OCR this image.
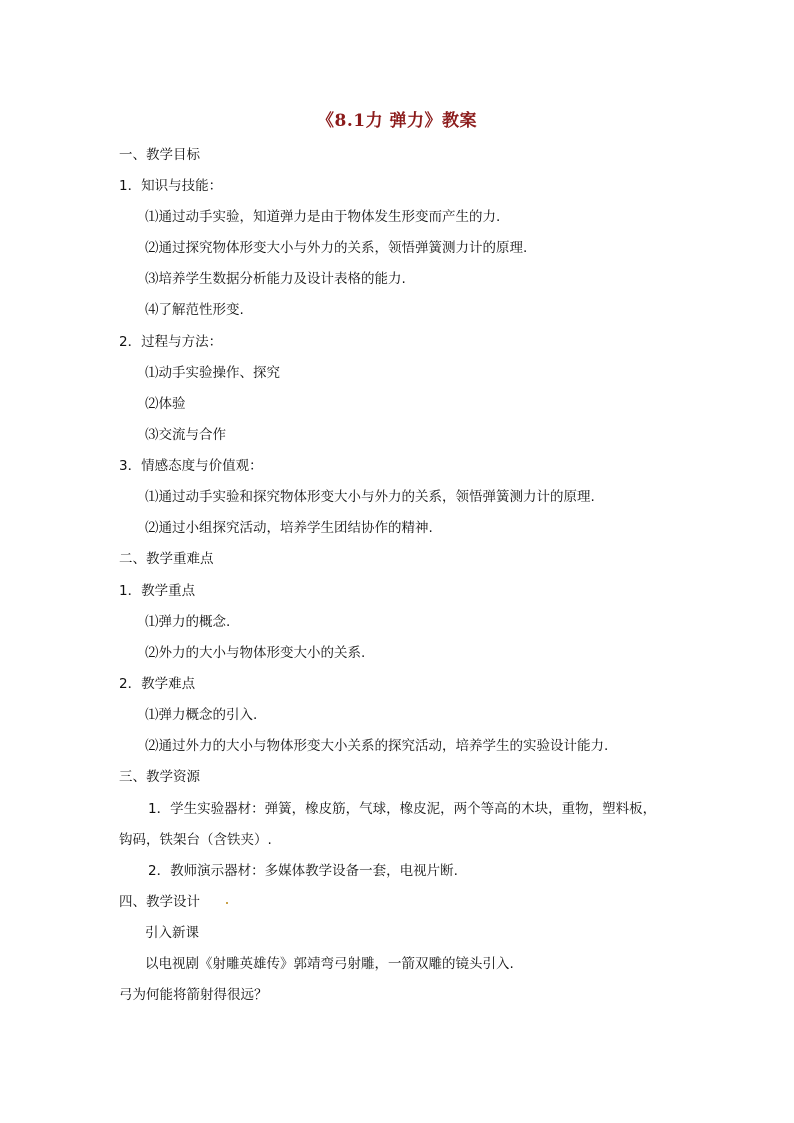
《8.1力 弹力》教案
一、教学目标
1．知识与技能：
⑴通过动手实验，知道弹力是由于物体发生形变而产生的力.
⑵通过探究物体形变大小与外力的关系，领悟弹簧测力计的原理.
⑶培养学生数据分析能力及设计表格的能力.
⑷了解范性形变.
2．过程与方法：
⑴动手实验操作、探究
⑵体验
⑶交流与合作
3．情感态度与价值观：
⑴通过动手实验和探究物体形变大小与外力的关系，领悟弹簧测力计的原理.
⑵通过小组探究活动，培养学生团结协作的精神.
二、教学重难点
1．教学重点
⑴弹力的概念.
⑵外力的大小与物体形变大小的关系.
2．教学难点
⑴弹力概念的引入.
⑵通过外力的大小与物体形变大小关系的探究活动，培养学生的实验设计能力.
三、教学资源
1．学生实验器材：弹簧，橡皮筋，气球，橡皮泥，两个等高的木块，重物，塑料板，
钩码，铁架台（含铁夹）.
2．教师演示器材：多媒体教学设备一套，电视片断.
四、教学设计
引入新课
以电视剧《射雕英雄传》郭靖弯弓射雕，一箭双雕的镜头引入.
弓为何能将箭射得很远？
